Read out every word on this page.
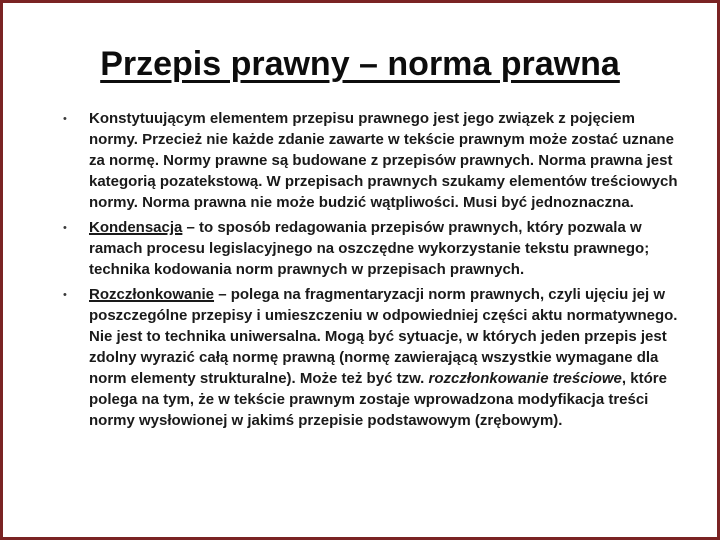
Przepis prawny – norma prawna
•	Konstytuującym elementem przepisu prawnego jest jego związek z pojęciem normy. Przecież nie każde zdanie zawarte w tekście prawnym może zostać uznane za normę. Normy prawne są budowane z przepisów prawnych. Norma prawna jest kategorią pozatekstową. W przepisach prawnych szukamy elementów treściowych normy. Norma prawna nie może budzić wątpliwości. Musi być jednoznaczna.
•	Kondensacja – to sposób redagowania przepisów prawnych, który pozwala w ramach procesu legislacyjnego na oszczędne wykorzystanie tekstu prawnego; technika kodowania norm prawnych w przepisach prawnych.
•	Rozczłonkowanie – polega na fragmentaryzacji norm prawnych, czyli ujęciu jej w poszczególne przepisy i umieszczeniu w odpowiedniej części aktu normatywnego. Nie jest to technika uniwersalna. Mogą być sytuacje, w których jeden przepis jest zdolny wyrazić całą normę prawną (normę zawierającą wszystkie wymagane dla norm elementy strukturalne). Może też być tzw. rozczłonkowanie treściowe, które polega na tym, że w tekście prawnym zostaje wprowadzona modyfikacja treści normy wysłowionej w jakimś przepisie podstawowym (zrębowym).
